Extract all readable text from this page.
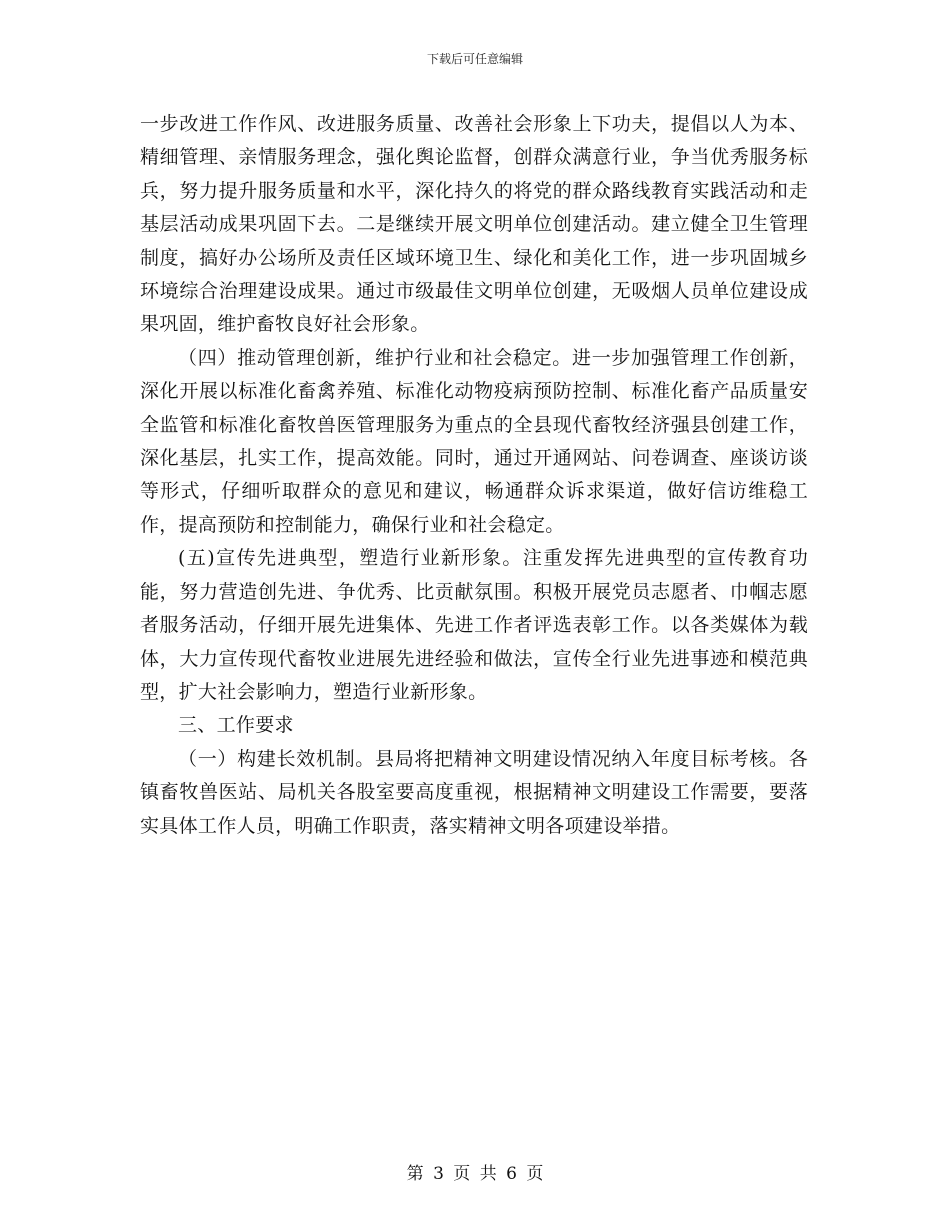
下载后可任意编辑

一步改进工作作风、改进服务质量、改善社会形象上下功夫，提倡以人为本、精细管理、亲情服务理念，强化舆论监督，创群众满意行业，争当优秀服务标兵，努力提升服务质量和水平，深化持久的将党的群众路线教育实践活动和走基层活动成果巩固下去。二是继续开展文明单位创建活动。建立健全卫生管理制度，搞好办公场所及责任区域环境卫生、绿化和美化工作，进一步巩固城乡环境综合治理建设成果。通过市级最佳文明单位创建，无吸烟人员单位建设成果巩固，维护畜牧良好社会形象。

（四）推动管理创新，维护行业和社会稳定。进一步加强管理工作创新，深化开展以标准化畜禽养殖、标准化动物疫病预防控制、标准化畜产品质量安全监管和标准化畜牧兽医管理服务为重点的全县现代畜牧经济强县创建工作，深化基层，扎实工作，提高效能。同时，通过开通网站、问卷调查、座谈访谈等形式，仔细听取群众的意见和建议，畅通群众诉求渠道，做好信访维稳工作，提高预防和控制能力，确保行业和社会稳定。

(五)宣传先进典型，塑造行业新形象。注重发挥先进典型的宣传教育功能，努力营造创先进、争优秀、比贡献氛围。积极开展党员志愿者、巾帼志愿者服务活动，仔细开展先进集体、先进工作者评选表彰工作。以各类媒体为载体，大力宣传现代畜牧业进展先进经验和做法，宣传全行业先进事迹和模范典型，扩大社会影响力，塑造行业新形象。

三、工作要求

（一）构建长效机制。县局将把精神文明建设情况纳入年度目标考核。各镇畜牧兽医站、局机关各股室要高度重视，根据精神文明建设工作需要，要落实具体工作人员，明确工作职责，落实精神文明各项建设举措。

第 3 页 共 6 页
